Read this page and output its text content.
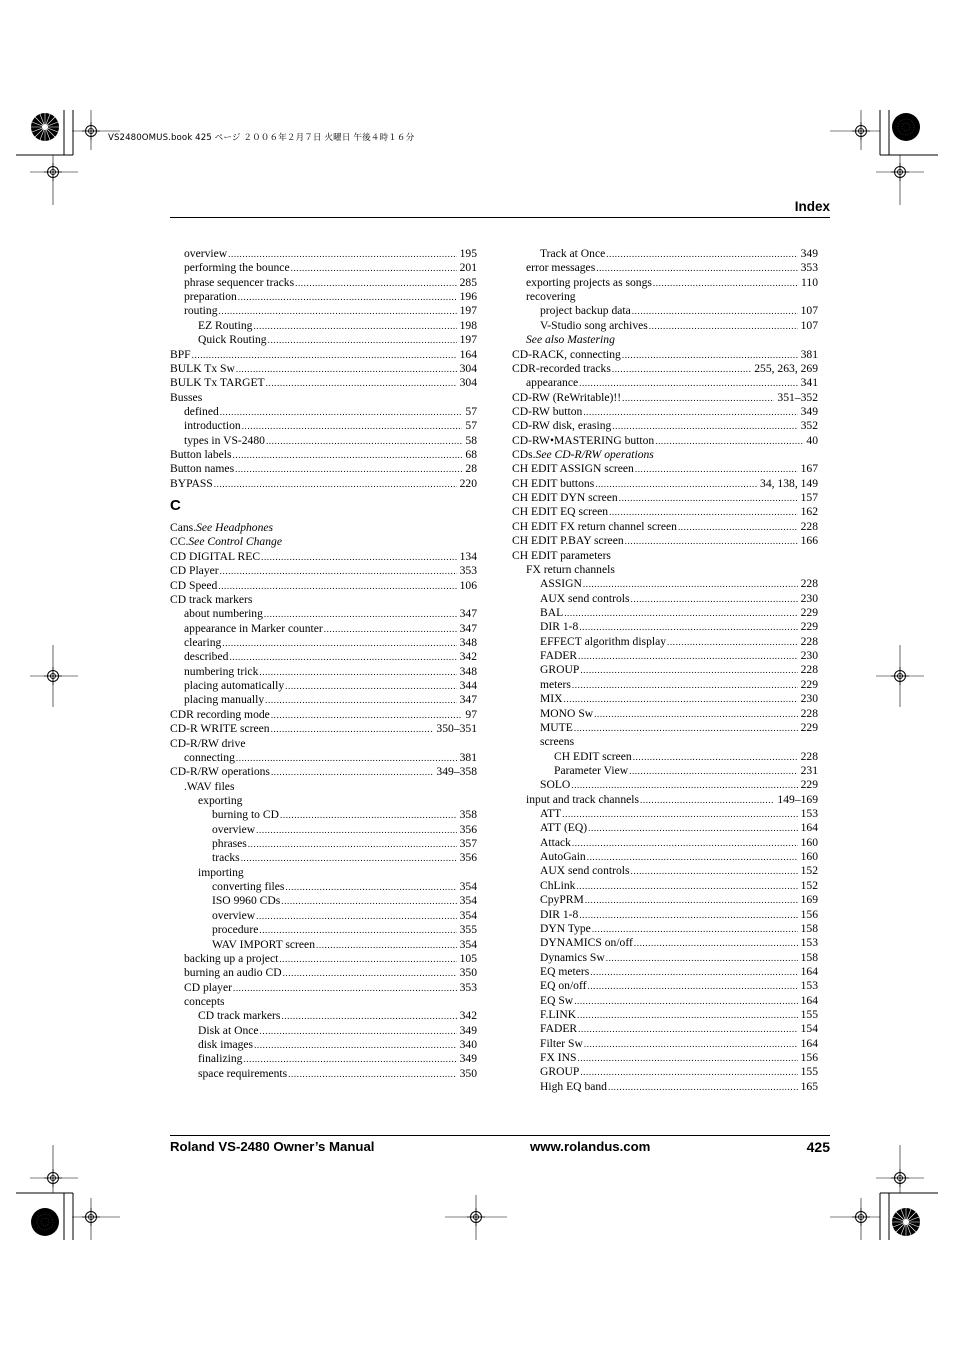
VS2480OMUS.book 425 ページ ２００６年２月７日 火曜日 午後４時１６分
Index
overview .....	195
performing the bounce .....	201
phrase sequencer tracks .....	285
preparation .....	196
routing .....	197
EZ Routing .....	198
Quick Routing .....	197
BPF .....	164
BULK Tx Sw .....	304
BULK Tx TARGET .....	304
Busses
defined .....	57
introduction .....	57
types in VS-2480 .....	58
Button labels .....	68
Button names .....	28
BYPASS .....	220
C
Cans. See Headphones
CC. See Control Change
CD DIGITAL REC .....	134
CD Player .....	353
CD Speed .....	106
CD track markers
about numbering .....	347
appearance in Marker counter .....	347
clearing .....	348
described .....	342
numbering trick .....	348
placing automatically .....	344
placing manually .....	347
CDR recording mode .....	97
CD-R WRITE screen .....	350–351
CD-R/RW drive
connecting .....	381
CD-R/RW operations .....	349–358
.WAV files
exporting
burning to CD .....	358
overview .....	356
phrases .....	357
tracks .....	356
importing
converting files .....	354
ISO 9960 CDs .....	354
overview .....	354
procedure .....	355
WAV IMPORT screen .....	354
backing up a project .....	105
burning an audio CD .....	350
CD player .....	353
concepts
CD track markers .....	342
Disk at Once .....	349
disk images .....	340
finalizing .....	349
space requirements .....	350
Track at Once .....	349
error messages .....	353
exporting projects as songs .....	110
recovering
project backup data .....	107
V-Studio song archives .....	107
See also Mastering
CD-RACK, connecting .....	381
CDR-recorded tracks .....	255, 263, 269
appearance .....	341
CD-RW (ReWritable)!! .....	351–352
CD-RW button .....	349
CD-RW disk, erasing .....	352
CD-RW•MASTERING button .....	40
CDs. See CD-R/RW operations
CH EDIT ASSIGN screen .....	167
CH EDIT buttons .....	34, 138, 149
CH EDIT DYN screen .....	157
CH EDIT EQ screen .....	162
CH EDIT FX return channel screen .....	228
CH EDIT P.BAY screen .....	166
CH EDIT parameters
FX return channels
ASSIGN .....	228
AUX send controls .....	230
BAL .....	229
DIR 1-8 .....	229
EFFECT algorithm display .....	228
FADER .....	230
GROUP .....	228
meters .....	229
MIX .....	230
MONO Sw .....	228
MUTE .....	229
screens
CH EDIT screen .....	228
Parameter View .....	231
SOLO .....	229
input and track channels .....	149–169
ATT .....	153
ATT (EQ) .....	164
Attack .....	160
AutoGain .....	160
AUX send controls .....	152
ChLink .....	152
CpyPRM .....	169
DIR 1-8 .....	156
DYN Type .....	158
DYNAMICS on/off .....	153
Dynamics Sw .....	158
EQ meters .....	164
EQ on/off .....	153
EQ Sw .....	164
F.LINK .....	155
FADER .....	154
Filter Sw .....	164
FX INS .....	156
GROUP .....	155
High EQ band .....	165
Roland VS-2480 Owner’s Manual	www.rolandus.com	425
